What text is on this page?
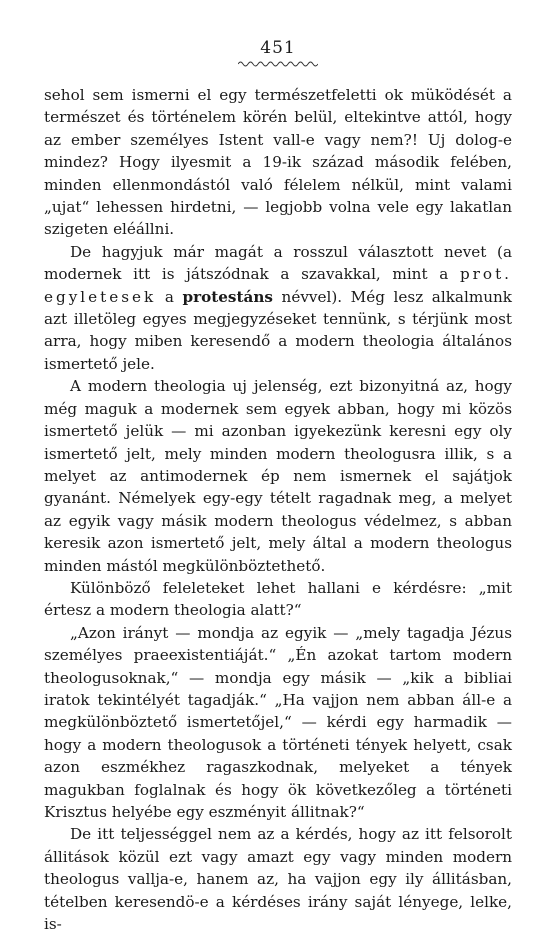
451

sehol sem ismerni el egy természetfeletti ok müködését a természet és történelem körén belül, eltekintve attól, hogy az ember személyes Istent vall-e vagy nem?! Uj dolog-e mindez? Hogy ilyesmit a 19-ik század második felében, minden ellenmondástól való félelem nélkül, mint valami „ujat“ lehessen hirdetni, — legjobb volna vele egy lakatlan szigeten eléállni.

De hagyjuk már magát a rosszul választott nevet (a modernek itt is játszódnak a szavakkal, mint a prot. egyletesek a protestáns névvel). Még lesz alkalmunk azt illetöleg egyes megjegyzéseket tennünk, s térjünk most arra, hogy miben keresendő a modern theologia általános ismertető jele.

A modern theologia uj jelenség, ezt bizonyitná az, hogy még maguk a modernek sem egyek abban, hogy mi közös ismertető jelük — mi azonban igyekezünk keresni egy oly ismertető jelt, mely minden modern theologusra illik, s a melyet az antimodernek ép nem ismernek el sajátjok gyanánt. Némelyek egy-egy tételt ragadnak meg, a melyet az egyik vagy másik modern theologus védelmez, s abban keresik azon ismertető jelt, mely által a modern theologus minden mástól megkülönböztethető.

Különböző feleleteket lehet hallani e kérdésre: „mit értesz a modern theologia alatt?“

„Azon irányt — mondja az egyik — „mely tagadja Jézus személyes praeexistentiáját.“ „Én azokat tartom modern theologusoknak,“ — mondja egy másik — „kik a bibliai iratok tekintélyét tagadják.“ „Ha vajjon nem abban áll-e a megkülönböztető ismertetőjel,“ — kérdi egy harmadik — hogy a modern theologusok a történeti tények helyett, csak azon eszmékhez ragaszkodnak, melyeket a tények magukban foglalnak és hogy ök következőleg a történeti Krisztus helyébe egy eszményit állitnak?“

De itt teljességgel nem az a kérdés, hogy az itt felsorolt állitások közül ezt vagy amazt egy vagy minden modern theologus vallja-e, hanem az, ha vajjon egy ily állitásban, tételben keresendö-e a kérdéses irány saját lényege, lelke, is-
